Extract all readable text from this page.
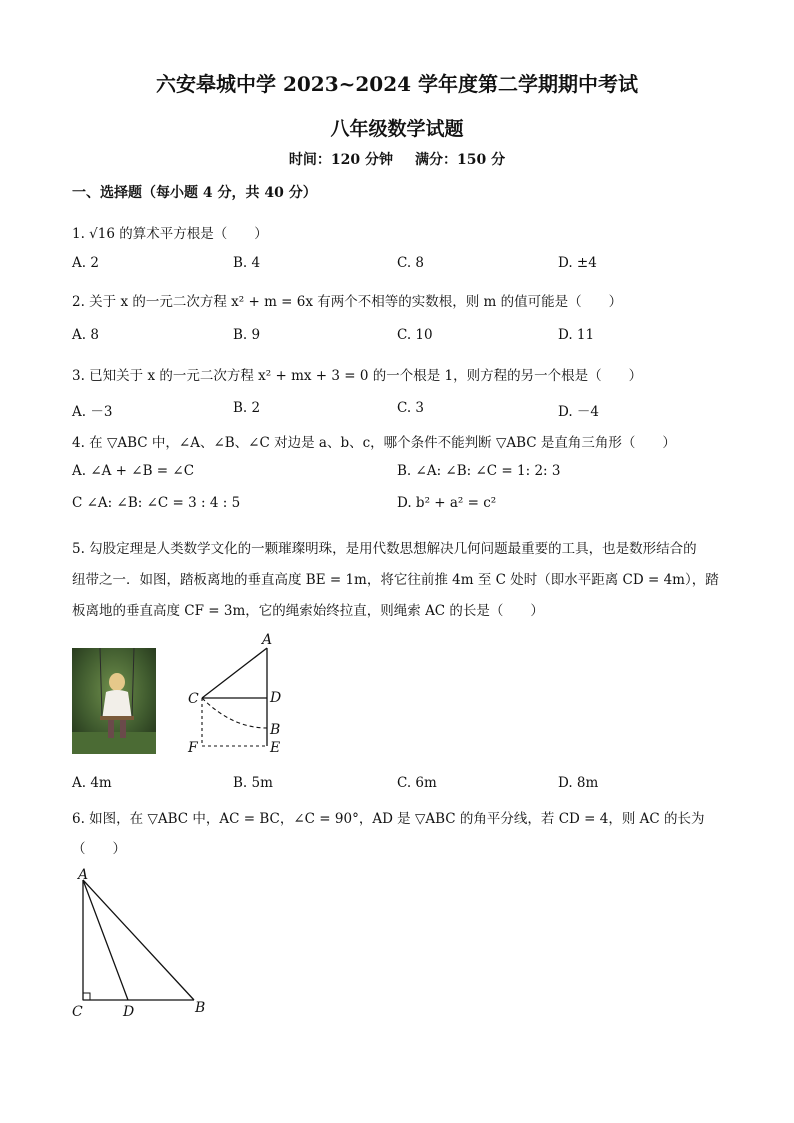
六安皋城中学 2023~2024 学年度第二学期期中考试
八年级数学试题
时间：120 分钟 满分：150 分
一、选择题（每小题 4 分，共 40 分）
1. √16 的算术平方根是（　　）
A. 2	B. 4	C. 8	D. ±4
2. 关于 x 的一元二次方程 x² + m = 6x 有两个不相等的实数根，则 m 的值可能是（　　）
A. 8	B. 9	C. 10	D. 11
3. 已知关于 x 的一元二次方程 x² + mx + 3 = 0 的一个根是 1，则方程的另一个根是（　　）
A. －3	B. 2	C. 3	D. －4
4. 在 ▽ABC 中，∠A、∠B、∠C 对边是 a、b、c，哪个条件不能判断 ▽ABC 是直角三角形（　　）
A. ∠A + ∠B = ∠C	B. ∠A: ∠B: ∠C = 1: 2: 3
C ∠A: ∠B: ∠C = 3 : 4 : 5	D. b² + a² = c²
5. 勾股定理是人类数学文化的一颗璀璨明珠，是用代数思想解决几何问题最重要的工具，也是数形结合的
纽带之一．如图，踏板离地的垂直高度 BE = 1m，将它往前推 4m 至 C 处时（即水平距离 CD = 4m），踏
板离地的垂直高度 CF = 3m，它的绳索始终拉直，则绳索 AC 的长是（　　）
A
C	D
B
F	E
A. 4m	B. 5m	C. 6m	D. 8m
6. 如图，在 ▽ABC 中，AC = BC，∠C = 90°，AD 是 ▽ABC 的角平分线，若 CD = 4，则 AC 的长为
（　　）
A
C	D	B
